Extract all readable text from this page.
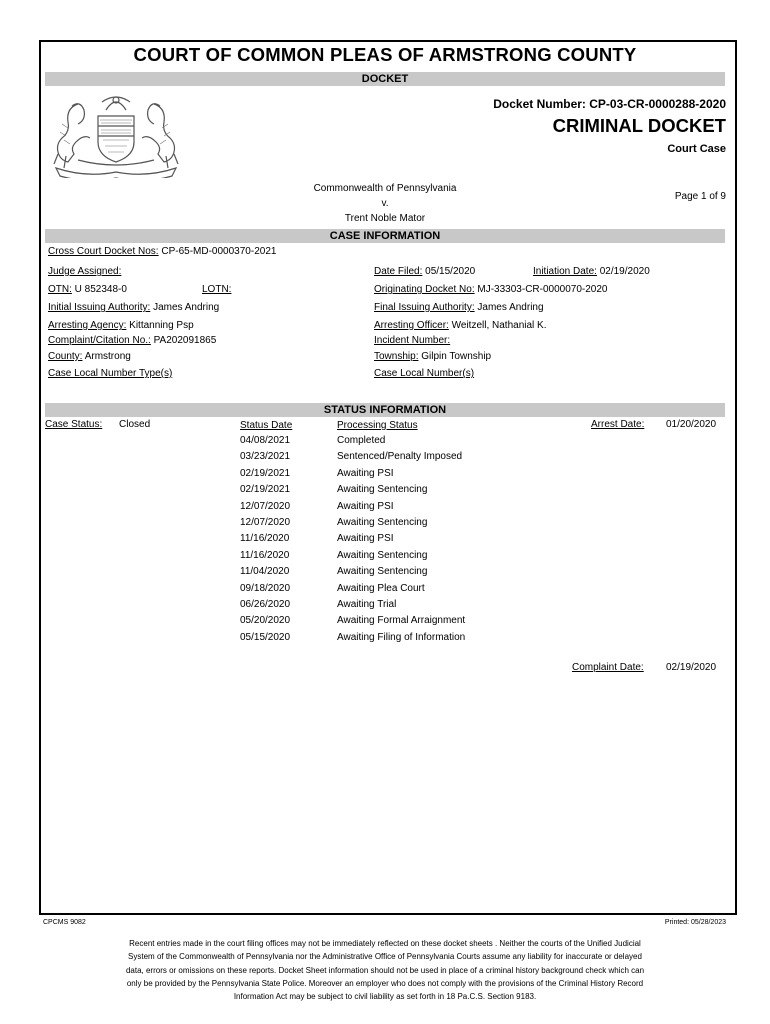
COURT OF COMMON PLEAS OF ARMSTRONG COUNTY
DOCKET
Docket Number: CP-03-CR-0000288-2020
CRIMINAL DOCKET
Court Case
Commonwealth of Pennsylvania
v.
Trent Noble Mator
Page 1 of 9
CASE INFORMATION
Cross Court Docket Nos: CP-65-MD-0000370-2021
Judge Assigned:
OTN: U 852348-0	LOTN:
Initial Issuing Authority: James Andring
Arresting Agency: Kittanning Psp
Complaint/Citation No.: PA202091865
County: Armstrong
Case Local Number Type(s)
Date Filed: 05/15/2020	Initiation Date: 02/19/2020
Originating Docket No: MJ-33303-CR-0000070-2020
Final Issuing Authority: James Andring
Arresting Officer: Weitzell, Nathanial K.
Incident Number:
Township: Gilpin Township
Case Local Number(s)
STATUS INFORMATION
Case Status: Closed	Status Date	Processing Status	Arrest Date: 01/20/2020
04/08/2021	Completed
03/23/2021	Sentenced/Penalty Imposed
02/19/2021	Awaiting PSI
02/19/2021	Awaiting Sentencing
12/07/2020	Awaiting PSI
12/07/2020	Awaiting Sentencing
11/16/2020	Awaiting PSI
11/16/2020	Awaiting Sentencing
11/04/2020	Awaiting Sentencing
09/18/2020	Awaiting Plea Court
06/26/2020	Awaiting Trial
05/20/2020	Awaiting Formal Arraignment
05/15/2020	Awaiting Filing of Information
Complaint Date: 02/19/2020
CPCMS 9082	Printed: 05/28/2023
Recent entries made in the court filing offices may not be immediately reflected on these docket sheets . Neither the courts of the Unified Judicial
System of the Commonwealth of Pennsylvania nor the Administrative Office of Pennsylvania Courts assume any liability for inaccurate or delayed
data, errors or omissions on these reports. Docket Sheet information should not be used in place of a criminal history background check which can
only be provided by the Pennsylvania State Police. Moreover an employer who does not comply with the provisions of the Criminal History Record
Information Act may be subject to civil liability as set forth in 18 Pa.C.S. Section 9183.
